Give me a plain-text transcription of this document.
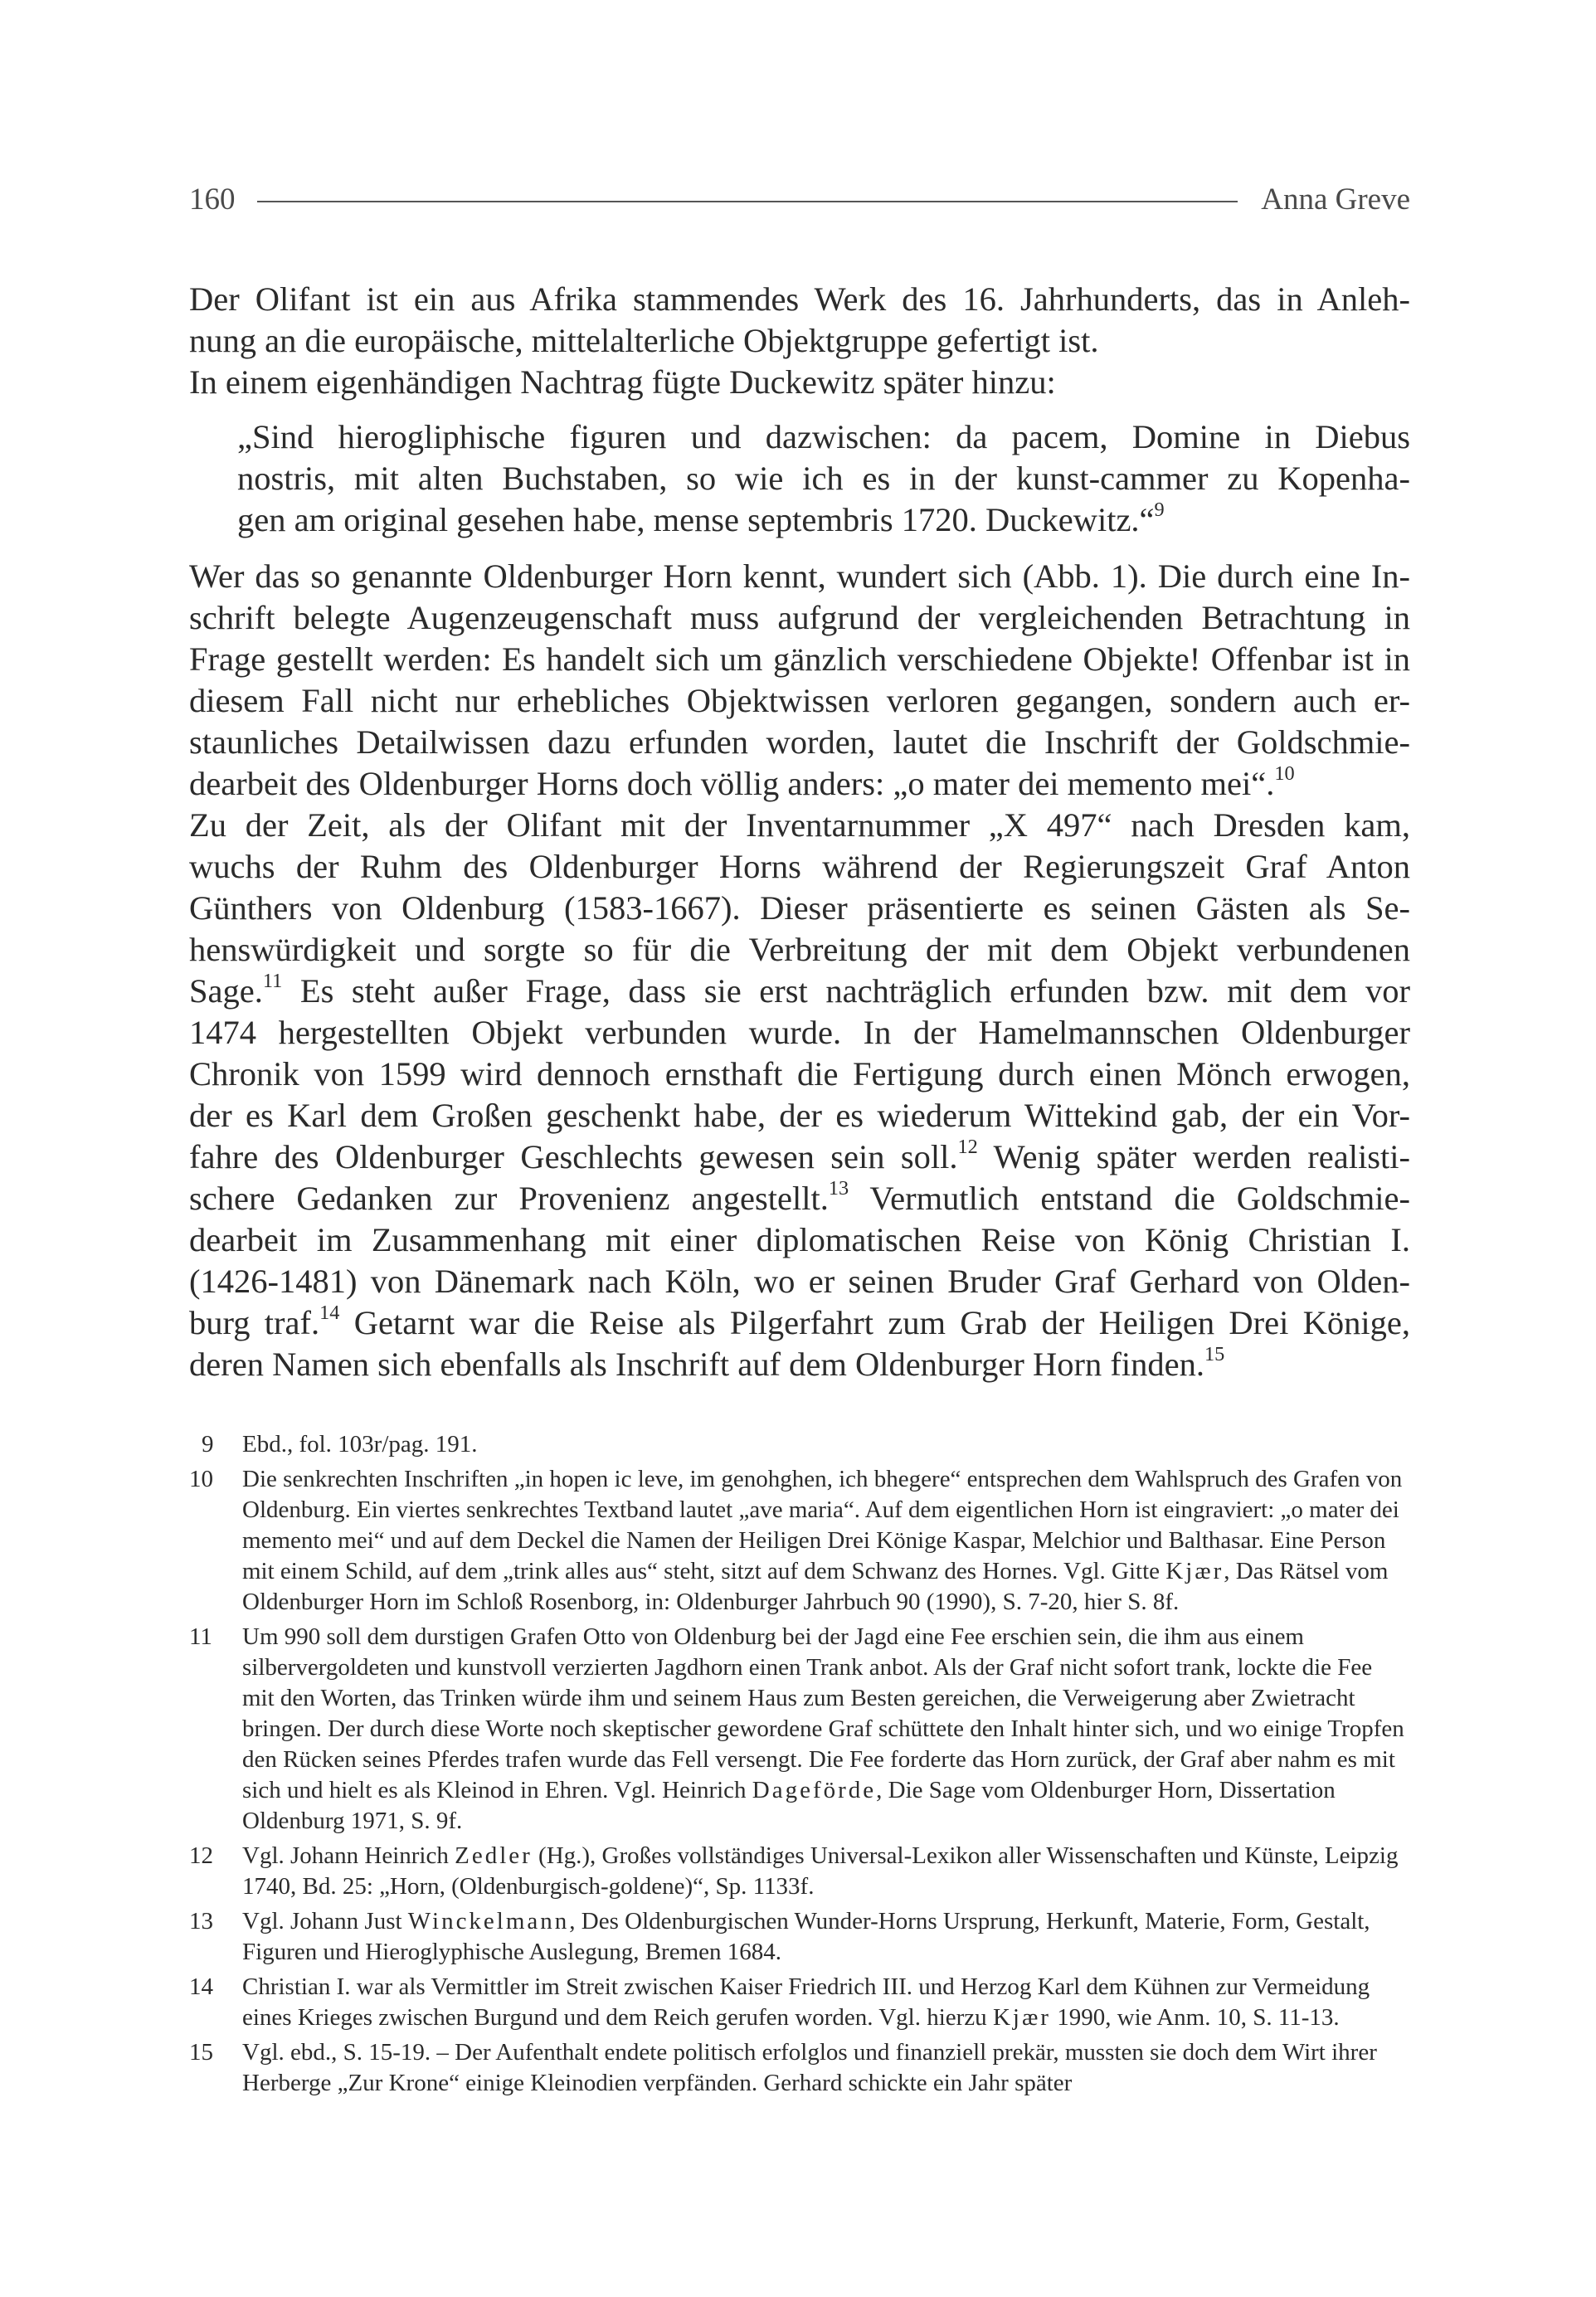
160	Anna Greve
Der Olifant ist ein aus Afrika stammendes Werk des 16. Jahrhunderts, das in Anleh-
nung an die europäische, mittelalterliche Objektgruppe gefertigt ist.
In einem eigenhändigen Nachtrag fügte Duckewitz später hinzu:
„Sind hierogliphische figuren und dazwischen: da pacem, Domine in Diebus
nostris, mit alten Buchstaben, so wie ich es in der kunst-cammer zu Kopenha-
gen am original gesehen habe, mense septembris 1720. Duckewitz.“$^9$
Wer das so genannte Oldenburger Horn kennt, wundert sich (Abb. 1). Die durch eine In-
schrift belegte Augenzeugenschaft muss aufgrund der vergleichenden Betrachtung in
Frage gestellt werden: Es handelt sich um gänzlich verschiedene Objekte! Offenbar ist in
diesem Fall nicht nur erhebliches Objektwissen verloren gegangen, sondern auch er-
staunliches Detailwissen dazu erfunden worden, lautet die Inschrift der Goldschmie-
dearbeit des Oldenburger Horns doch völlig anders: „o mater dei memento mei“.$^{10}$
Zu der Zeit, als der Olifant mit der Inventarnummer „X 497“ nach Dresden kam,
wuchs der Ruhm des Oldenburger Horns während der Regierungszeit Graf Anton
Günthers von Oldenburg (1583-1667). Dieser präsentierte es seinen Gästen als Se-
henswürdigkeit und sorgte so für die Verbreitung der mit dem Objekt verbundenen
Sage.$^{11}$ Es steht außer Frage, dass sie erst nachträglich erfunden bzw. mit dem vor
1474 hergestellten Objekt verbunden wurde. In der Hamelmannschen Oldenburger
Chronik von 1599 wird dennoch ernsthaft die Fertigung durch einen Mönch erwogen,
der es Karl dem Großen geschenkt habe, der es wiederum Wittekind gab, der ein Vor-
fahre des Oldenburger Geschlechts gewesen sein soll.$^{12}$ Wenig später werden realisti-
schere Gedanken zur Provenienz angestellt.$^{13}$ Vermutlich entstand die Goldschmie-
dearbeit im Zusammenhang mit einer diplomatischen Reise von König Christian I.
(1426-1481) von Dänemark nach Köln, wo er seinen Bruder Graf Gerhard von Olden-
burg traf.$^{14}$ Getarnt war die Reise als Pilgerfahrt zum Grab der Heiligen Drei Könige,
deren Namen sich ebenfalls als Inschrift auf dem Oldenburger Horn finden.$^{15}$
9	Ebd., fol. 103r/pag. 191.
10	Die senkrechten Inschriften „in hopen ic leve, im genohghen, ich bhegere“ entsprechen dem Wahlspruch des Grafen von Oldenburg. Ein viertes senkrechtes Textband lautet „ave maria“. Auf dem eigentlichen Horn ist eingraviert: „o mater dei memento mei“ und auf dem Deckel die Namen der Heiligen Drei Könige Kaspar, Melchior und Balthasar. Eine Person mit einem Schild, auf dem „trink alles aus“ steht, sitzt auf dem Schwanz des Hornes. Vgl. Gitte Kjær, Das Rätsel vom Oldenburger Horn im Schloß Rosenborg, in: Oldenburger Jahrbuch 90 (1990), S. 7-20, hier S. 8f.
11	Um 990 soll dem durstigen Grafen Otto von Oldenburg bei der Jagd eine Fee erschien sein, die ihm aus einem silbervergoldeten und kunstvoll verzierten Jagdhorn einen Trank anbot. Als der Graf nicht sofort trank, lockte die Fee mit den Worten, das Trinken würde ihm und seinem Haus zum Besten gereichen, die Verweigerung aber Zwietracht bringen. Der durch diese Worte noch skeptischer gewordene Graf schüttete den Inhalt hinter sich, und wo einige Tropfen den Rücken seines Pferdes trafen wurde das Fell versengt. Die Fee forderte das Horn zurück, der Graf aber nahm es mit sich und hielt es als Kleinod in Ehren. Vgl. Heinrich Dageförde, Die Sage vom Oldenburger Horn, Dissertation Oldenburg 1971, S. 9f.
12	Vgl. Johann Heinrich Zedler (Hg.), Großes vollständiges Universal-Lexikon aller Wissenschaften und Künste, Leipzig 1740, Bd. 25: „Horn, (Oldenburgisch-goldene)“, Sp. 1133f.
13	Vgl. Johann Just Winckelmann, Des Oldenburgischen Wunder-Horns Ursprung, Herkunft, Materie, Form, Gestalt, Figuren und Hieroglyphische Auslegung, Bremen 1684.
14	Christian I. war als Vermittler im Streit zwischen Kaiser Friedrich III. und Herzog Karl dem Kühnen zur Vermeidung eines Krieges zwischen Burgund und dem Reich gerufen worden. Vgl. hierzu Kjær 1990, wie Anm. 10, S. 11-13.
15	Vgl. ebd., S. 15-19. – Der Aufenthalt endete politisch erfolglos und finanziell prekär, mussten sie doch dem Wirt ihrer Herberge „Zur Krone“ einige Kleinodien verpfänden. Gerhard schickte ein Jahr später
